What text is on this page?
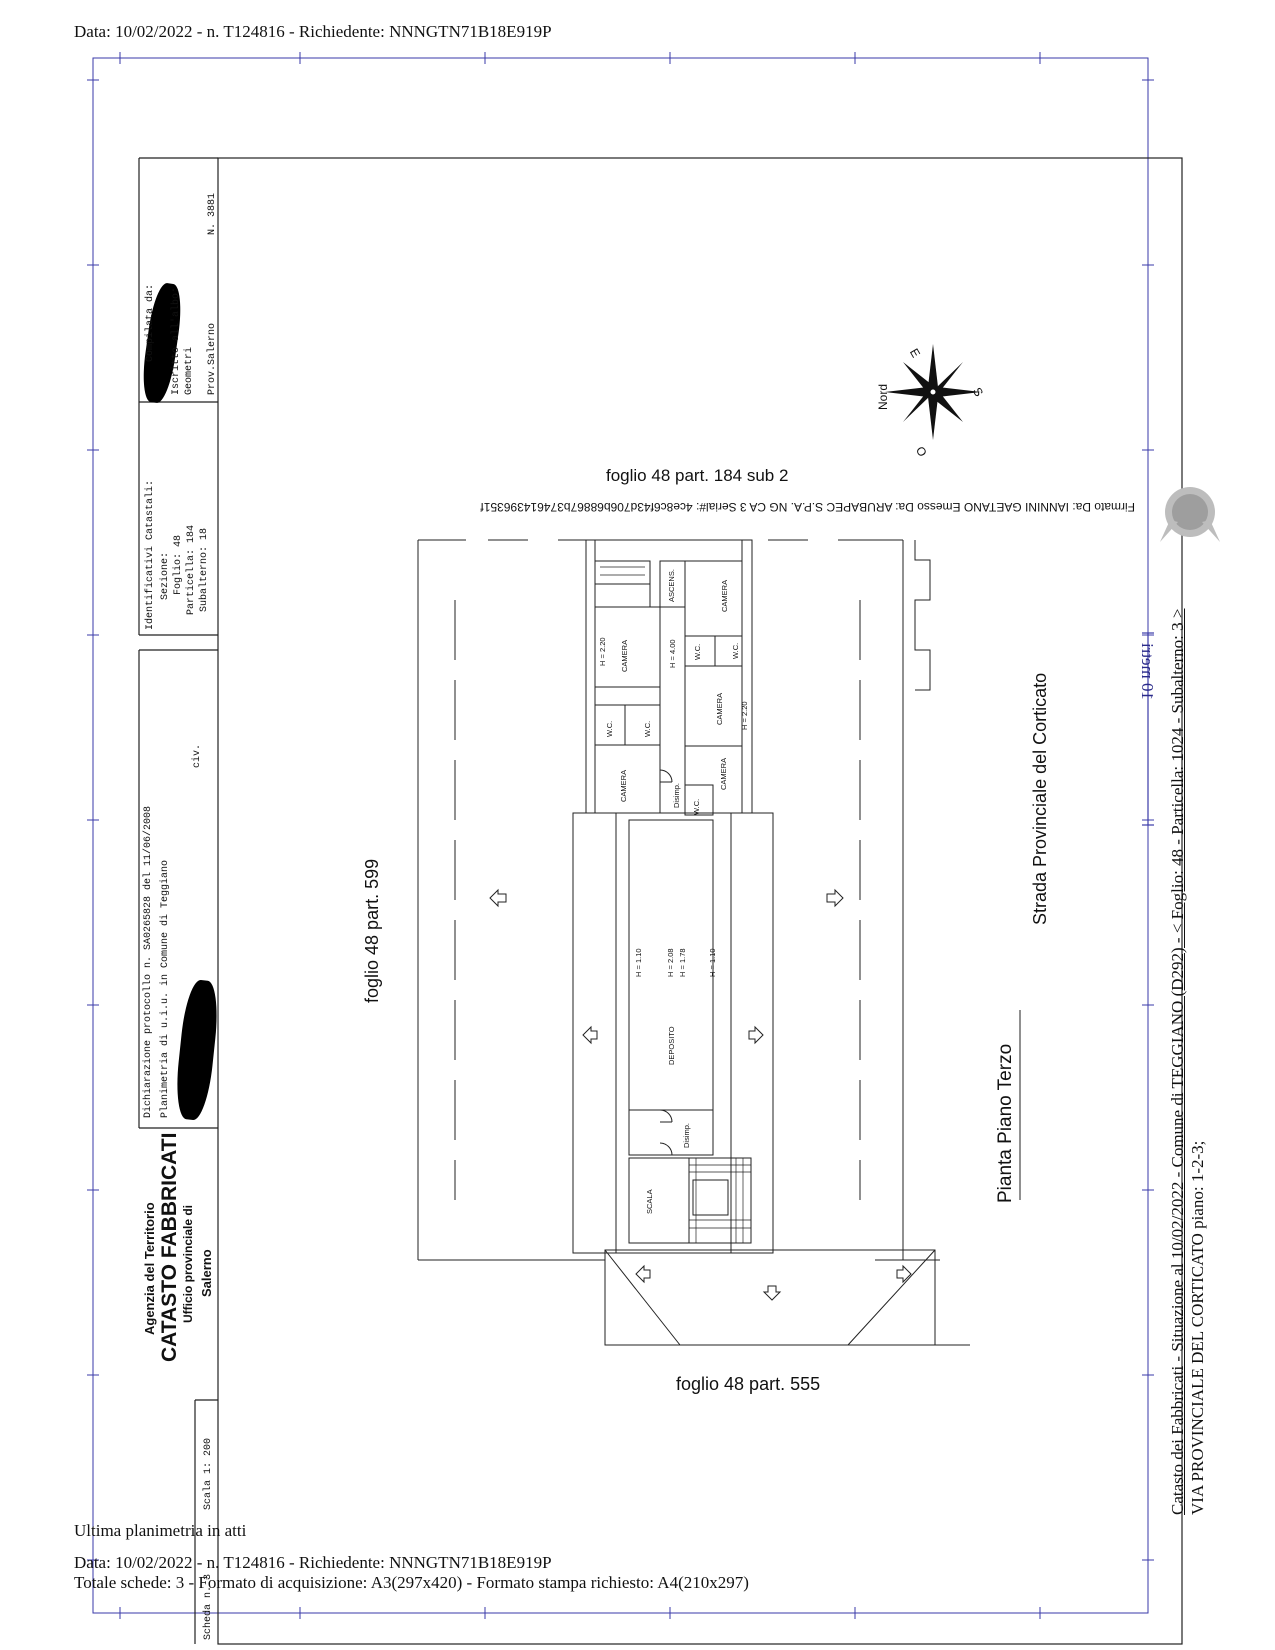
Data: 10/02/2022 - n. T124816 - Richiedente: NNNGTN71B18E919P
Agenzia del Territorio CATASTO FABBRICATI Ufficio provinciale di Salerno
Dichiarazione protocollo n. SA0265828 del 11/06/2008 Planimetria di u.i.u. in Comune di Teggiano
civ.
Identificativi Catastali: Sezione: Foglio: 48 Particella: 184 Subalterno: 18
Compilata da: Iscritto all'albo: Geometri Prov.Salerno
N. 3881
Scala 1: 200
Scheda n. 3
foglio 48 part. 184 sub 2
Firmato Da: IANNINI GAETANO Emesso Da: ARUBAPEC S.P.A. NG CA 3 Serial#: 4ce8c6f43d706b68867b374614396351f
foglio 48 part. 599
foglio 48 part. 555
Strada Provinciale del Corticato
Pianta Piano Terzo
10 metri
Nord
E
S
O
ASCENS.	CAMERA
CAMERA
H = 2.20	H = 4.00 W.C.	W.C.
CAMERA H = 2.20
W.C.	W.C.
CAMERA	CAMERA
Disimp. W.C.
H = 1.10	H = 2.08 H = 1.78	H = 1.10
DEPOSITO
Disimp.
SCALA	Catasto dei Fabbricati - Situazione al 10/02/2022 - Comune di TEGGIANO (D292) - < Foglio: 48 - Particella: 1024 - Subalterno: 3 > VIA PROVINCIALE DEL CORTICATO piano: 1-2-3;
Ultima planimetria in atti
Data: 10/02/2022 - n. T124816 - Richiedente: NNNGTN71B18E919P
Totale schede: 3 - Formato di acquisizione: A3(297x420) - Formato stampa richiesto: A4(210x297)
